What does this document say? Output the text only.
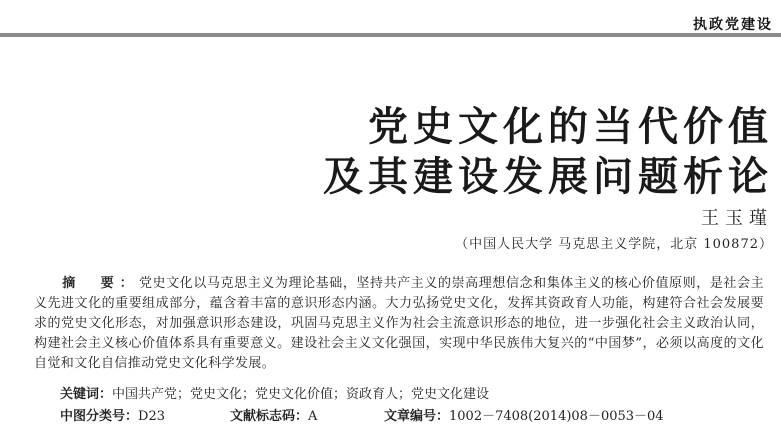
执政党建设
党史文化的当代价值
及其建设发展问题析论
王玉瑾
（中国人民大学 马克思主义学院，北京 100872）
摘　要：党史文化以马克思主义为理论基础，坚持共产主义的崇高理想信念和集体主义的核心价值原则，是社会主义先进文化的重要组成部分，蕴含着丰富的意识形态内涵。大力弘扬党史文化，发挥其资政育人功能，构建符合社会发展要求的党史文化形态，对加强意识形态建设，巩固马克思主义作为社会主流意识形态的地位，进一步强化社会主义政治认同，构建社会主义核心价值体系具有重要意义。建设社会主义文化强国，实现中华民族伟大复兴的“中国梦”，必须以高度的文化自觉和文化自信推动党史文化科学发展。
关键词：中国共产党；党史文化；党史文化价值；资政育人；党史文化建设
中图分类号：D23	文献标志码：A	文章编号：1002－7408(2014)08－0053－04
